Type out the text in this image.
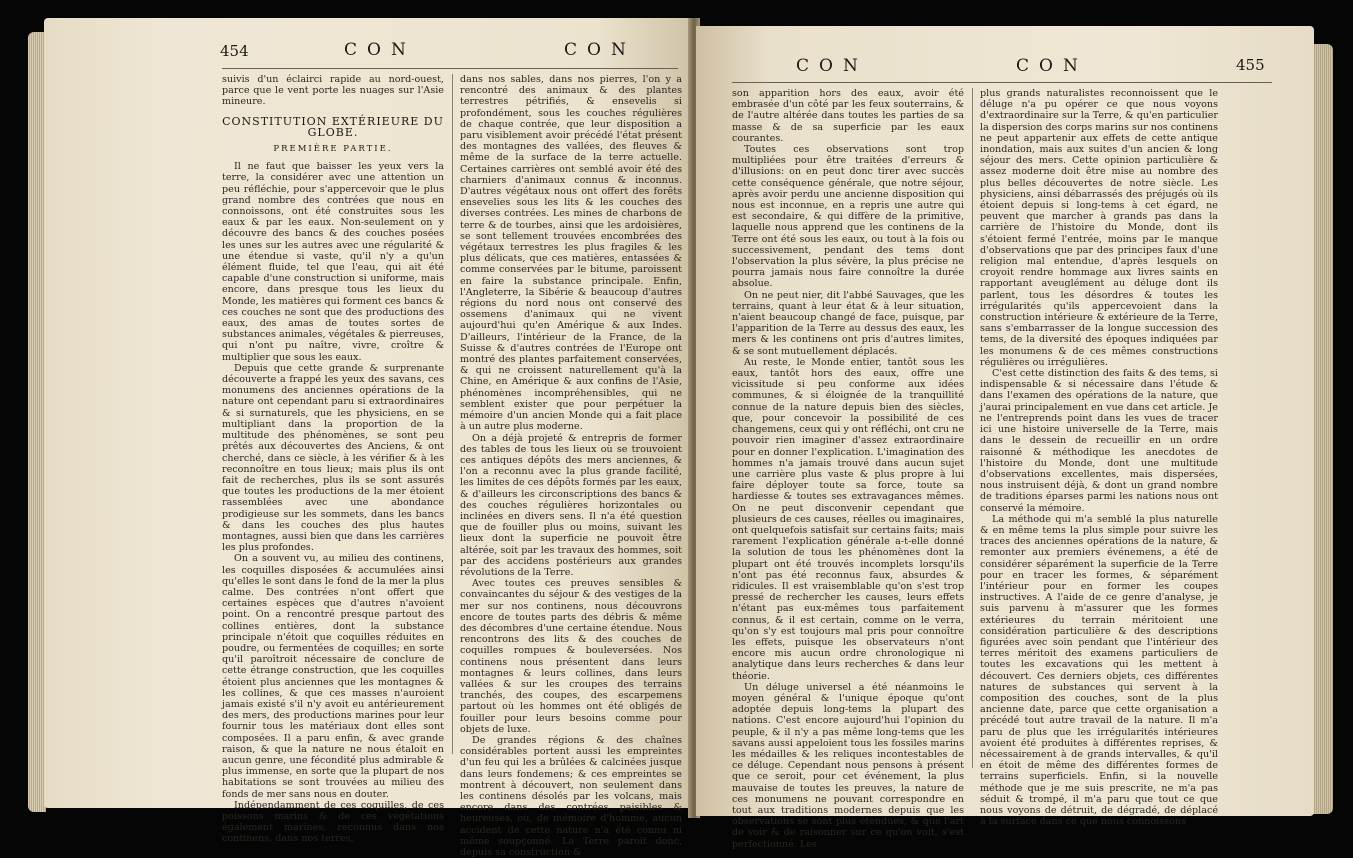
454	CON	CON

suivis d'un éclairci rapide au nord-ouest, parce que le vent porte les nuages sur l'Asie mineure.

CONSTITUTION EXTÉRIEURE DU GLOBE.
PREMIÈRE PARTIE.

Il ne faut que baisser les yeux vers la terre, la considérer avec une attention un peu réfléchie, pour s'appercevoir que le plus grand nombre des contrées que nous en connoissons, ont été construites sous les eaux & par les eaux. Non-seulement on y découvre des bancs & des couches posées les unes sur les autres avec une régularité & une étendue si vaste, qu'il n'y a qu'un élément fluide, tel que l'eau, qui ait été capable d'une construction si uniforme, mais encore, dans presque tous les lieux du Monde, les matières qui forment ces bancs & ces couches ne sont que des productions des eaux, des amas de toutes sortes de substances animales, végétales & pierreuses, qui n'ont pu naître, vivre, croître & multiplier que sous les eaux.

Depuis que cette grande & surprenante découverte a frappé les yeux des savans, ces monumens des anciennes opérations de la nature ont cependant paru si extraordinaires & si surnaturels, que les physiciens, en se multipliant dans la proportion de la multitude des phénomènes, se sont peu prêtés aux découvertes des Anciens, & ont cherché, dans ce siècle, à les vérifier & à les reconnoître en tous lieux; mais plus ils ont fait de recherches, plus ils se sont assurés que toutes les productions de la mer étoient rassemblées avec une abondance prodigieuse sur les sommets, dans les bancs & dans les couches des plus hautes montagnes, aussi bien que dans les carrières les plus profondes.

On a souvent vu, au milieu des continens, les coquilles disposées & accumulées ainsi qu'elles le sont dans le fond de la mer la plus calme. Des contrées n'ont offert que certaines espèces que d'autres n'avoient point. On a rencontré presque partout des collines entières, dont la substance principale n'étoit que coquilles réduites en poudre, ou fermentées de coquilles; en sorte qu'il paroîtroit nécessaire de conclure de cette étrange construction, que les coquilles étoient plus anciennes que les montagnes & les collines, & que ces masses n'auroient jamais existé s'il n'y avoit eu antérieurement des mers, des productions marines pour leur fournir tous les matériaux dont elles sont composées. Il a paru enfin, & avec grande raison, & que la nature ne nous étaloit en aucun genre, une fécondité plus admirable & plus immense, en sorte que la plupart de nos habitations se sont trouvées au milieu des fonds de mer sans nous en douter.

Indépendamment de ces coquilles, de ces poissons marins & de ces végétations également marines, reconnus dans nos continens, dans nos terres,

dans nos sables, dans nos pierres, l'on y a rencontré des animaux & des plantes terrestres pétrifiés, & ensevelis si profondément, sous les couches régulières de chaque contrée, que leur disposition a paru visiblement avoir précédé l'état présent des montagnes des vallées, des fleuves & même de la surface de la terre actuelle. Certaines carrières ont semblé avoir été des charniers d'animaux connus & inconnus. D'autres végétaux nous ont offert des forêts ensevelies sous les lits & les couches des diverses contrées. Les mines de charbons de terre & de tourbes, ainsi que les ardoisières, se sont tellement trouvées encombrées des végétaux terrestres les plus fragiles & les plus délicats, que ces matières, entassées & comme conservées par le bitume, paroissent en faire la substance principale. Enfin, l'Angleterre, la Sibérie & beaucoup d'autres régions du nord nous ont conservé des ossemens d'animaux qui ne vivent aujourd'hui qu'en Amérique & aux Indes. D'ailleurs, l'intérieur de la France, de la Suisse & d'autres contrées de l'Europe ont montré des plantes parfaitement conservées, & qui ne croissent naturellement qu'à la Chine, en Amérique & aux confins de l'Asie, phénomènes incompréhensibles, qui ne semblent exister que pour perpétuer la mémoire d'un ancien Monde qui a fait place à un autre plus moderne.

On a déjà projeté & entrepris de former des tables de tous les lieux où se trouvoient ces antiques dépôts des mers anciennes, & l'on a reconnu avec la plus grande facilité, les limites de ces dépôts formés par les eaux, & d'ailleurs les circonscriptions des bancs & des couches régulières horizontales ou inclinées en divers sens. Il n'a été question que de fouiller plus ou moins, suivant les lieux dont la superficie ne pouvoit être altérée, soit par les travaux des hommes, soit par des accidens postérieurs aux grandes révolutions de la Terre.

Avec toutes ces preuves sensibles & convaincantes du séjour & des vestiges de la mer sur nos continens, nous découvrons encore de toutes parts des débris & même des décombres d'une certaine étendue. Nous rencontrons des lits & des couches de coquilles rompues & bouleversées. Nos continens nous présentent dans leurs montagnes & leurs collines, dans leurs vallées & sur les croupes des terrains tranchés, des coupes, des escarpemens partout où les hommes ont été obligés de fouiller pour leurs besoins comme pour objets de luxe.

De grandes régions & des chaînes considérables portent aussi les empreintes d'un feu qui les a brûlées & calcinées jusque dans leurs fondemens; & ces empreintes se montrent à découvert, non seulement dans les continens désolés par les volcans, mais encore dans des contrées paisibles & heureuses, où, de mémoire d'homme, aucun accident de cette nature n'a été connu ni même soupçonné. La Terre paroît donc, depuis sa construction &

CON	CON	455

son apparition hors des eaux, avoir été embrasée d'un côté par les feux souterrains, & de l'autre altérée dans toutes les parties de sa masse & de sa superficie par les eaux courantes.

Toutes ces observations sont trop multipliées pour être traitées d'erreurs & d'illusions: on en peut donc tirer avec succès cette conséquence générale, que notre séjour, après avoir perdu une ancienne disposition qui nous est inconnue, en a repris une autre qui est secondaire, & qui diffère de la primitive, laquelle nous apprend que les continens de la Terre ont été sous les eaux, ou tout à la fois ou successivement, pendant des tems dont l'observation la plus sévère, la plus précise ne pourra jamais nous faire connoître la durée absolue.

On ne peut nier, dit l'abbé Sauvages, que les terrains, quant à leur état & à leur situation, n'aient beaucoup changé de face, puisque, par l'apparition de la Terre au dessus des eaux, les mers & les continens ont pris d'autres limites, & se sont mutuellement déplacés.

Au reste, le Monde entier, tantôt sous les eaux, tantôt hors des eaux, offre une vicissitude si peu conforme aux idées communes, & si éloignée de la tranquillité connue de la nature depuis bien des siècles, que, pour concevoir la possibilité de ces changemens, ceux qui y ont réfléchi, ont cru ne pouvoir rien imaginer d'assez extraordinaire pour en donner l'explication. L'imagination des hommes n'a jamais trouvé dans aucun sujet une carrière plus vaste & plus propre à lui faire déployer toute sa force, toute sa hardiesse & toutes ses extravagances mêmes. On ne peut disconvenir cependant que plusieurs de ces causes, réelles ou imaginaires, ont quelquefois satisfait sur certains faits; mais rarement l'explication générale a-t-elle donné la solution de tous les phénomènes dont la plupart ont été trouvés incomplets lorsqu'ils n'ont pas été reconnus faux, absurdes & ridicules. Il est vraisemblable qu'on s'est trop pressé de rechercher les causes, leurs effets n'étant pas eux-mêmes tous parfaitement connus, & il est certain, comme on le verra, qu'on s'y est toujours mal pris pour connoître les effets, puisque les observateurs n'ont encore mis aucun ordre chronologique ni analytique dans leurs recherches & dans leur théorie.

Un déluge universel a été néanmoins le moyen général & l'unique époque qu'ont adoptée depuis long-tems la plupart des nations. C'est encore aujourd'hui l'opinion du peuple, & il n'y a pas même long-tems que les savans aussi appeloient tous les fossiles marins les médailles & les reliques incontestables de ce déluge. Cependant nous pensons à présent que ce seroit, pour cet événement, la plus mauvaise de toutes les preuves, la nature de ces monumens ne pouvant correspondre en tout aux traditions modernes depuis que les observations se sont plus étendues, & que l'art de voir & de raisonner sur ce qu'on voit, s'est perfectionné. Les

plus grands naturalistes reconnoissent que le déluge n'a pu opérer ce que nous voyons d'extraordinaire sur la Terre, & qu'en particulier la dispersion des corps marins sur nos continens ne peut appartenir aux effets de cette antique inondation, mais aux suites d'un ancien & long séjour des mers. Cette opinion particulière & assez moderne doit être mise au nombre des plus belles découvertes de notre siècle. Les physiciens, ainsi débarrassés des préjugés où ils étoient depuis si long-tems à cet égard, ne peuvent que marcher à grands pas dans la carrière de l'histoire du Monde, dont ils s'étoient fermé l'entrée, moins par le manque d'observations que par des principes faux d'une religion mal entendue, d'après lesquels on croyoit rendre hommage aux livres saints en rapportant aveuglément au déluge dont ils parlent, tous les désordres & toutes les irrégularités qu'ils appercevoient dans la construction intérieure & extérieure de la Terre, sans s'embarrasser de la longue succession des tems, de la diversité des époques indiquées par les monumens & de ces mêmes constructions régulières ou irrégulières.

C'est cette distinction des faits & des tems, si indispensable & si nécessaire dans l'étude & dans l'examen des opérations de la nature, que j'aurai principalement en vue dans cet article. Je ne l'entreprends point dans les vues de tracer ici une histoire universelle de la Terre, mais dans le dessein de recueillir en un ordre raisonné & méthodique les anecdotes de l'histoire du Monde, dont une multitude d'observations excellentes, mais dispersées, nous instruisent déjà, & dont un grand nombre de traditions éparses parmi les nations nous ont conservé la mémoire.

La méthode qui m'a semblé la plus naturelle & en même tems la plus simple pour suivre les traces des anciennes opérations de la nature, & remonter aux premiers événemens, a été de considérer séparément la superficie de la Terre pour en tracer les formes, & séparément l'intérieur pour en former les coupes instructives. A l'aide de ce genre d'analyse, je suis parvenu à m'assurer que les formes extérieures du terrain méritoient une considération particulière & des descriptions figurées avec soin pendant que l'intérieur des terres méritoit des examens particuliers de toutes les excavations qui les mettent à découvert. Ces derniers objets, ces différentes natures de substances qui servent à la composition des couches, sont de la plus ancienne date, parce que cette organisation a précédé tout autre travail de la nature. Il m'a paru de plus que les irrégularités intérieures avoient été produites à différentes reprises, & nécessairement à de grands intervalles, & qu'il en étoit de même des différentes formes de terrains superficiels. Enfin, si la nouvelle méthode que je me suis prescrite, ne m'a pas séduit & trompé, il m'a paru que tout ce que nous voyons de détruit, de dégradé, de déplacé à la surface dans ce que nous connoissons
